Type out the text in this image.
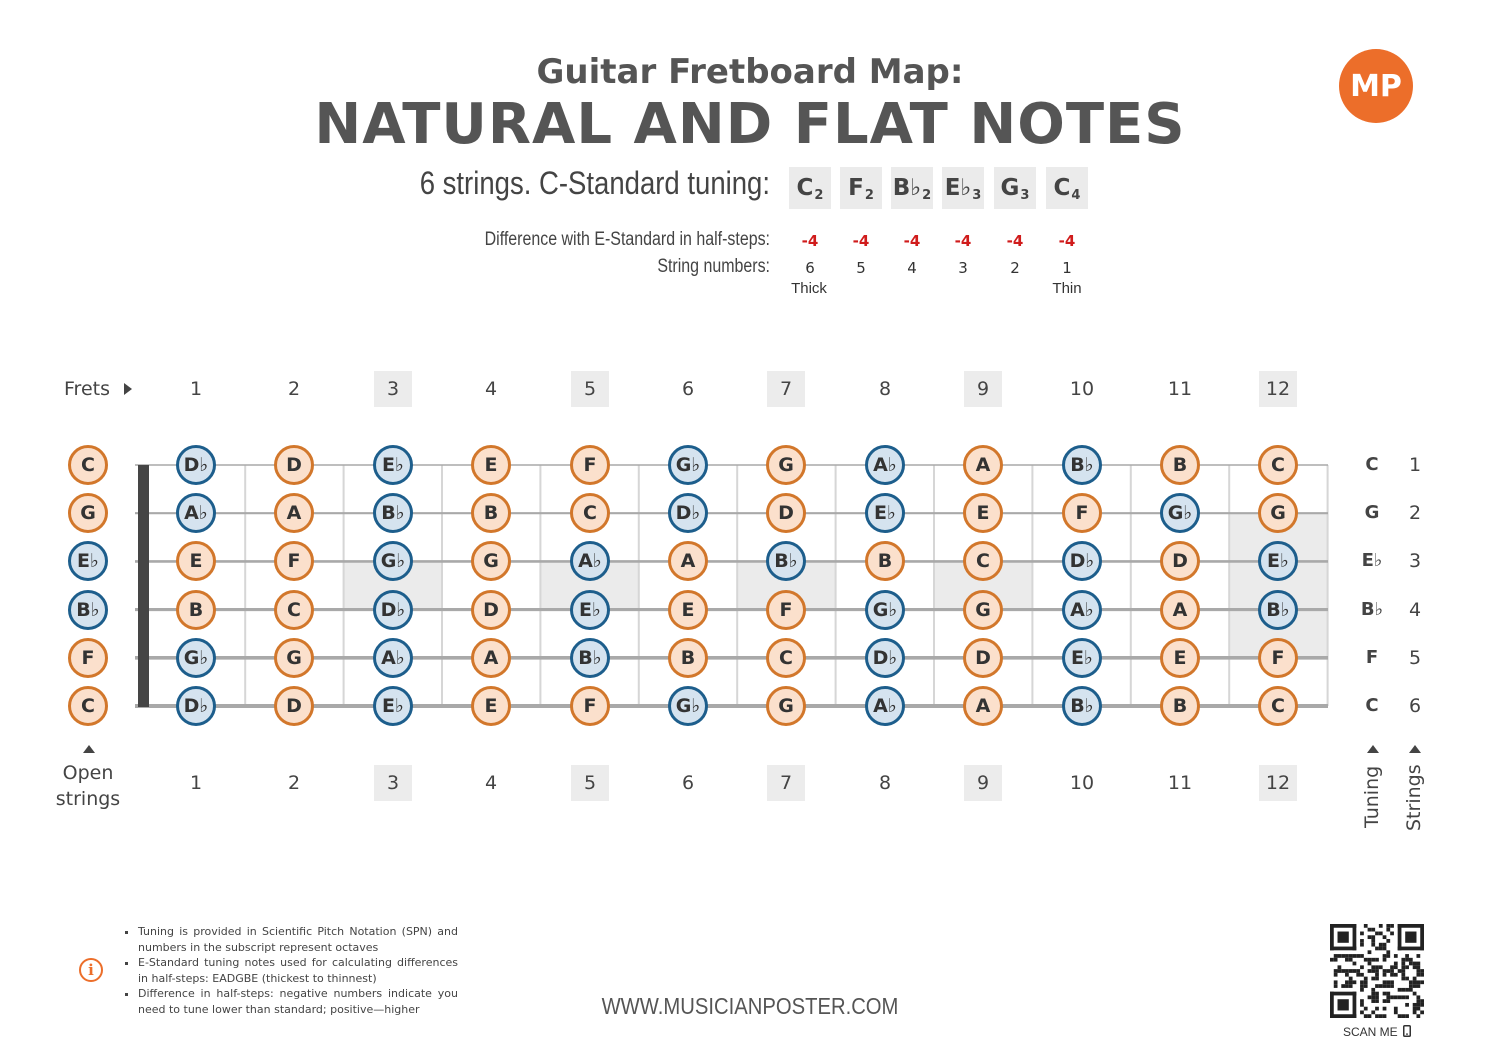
Guitar Fretboard Map:
NATURAL AND FLAT NOTES
MP
6 strings. C-Standard tuning: C 2 F 2 B♭ 2 E♭ 3 G 3 C 4
Difference with E-Standard in half-steps:
String numbers:
-4	-4	-4	-4	-4	-4
6	5	4	3	2	1
Thick	Thin
Frets	1	2	3	4	5	6	7	8	9	10	11	12
1	2	3	4	5	6	7	8	9	10	11	12
C
G
E♭
B♭
F
C
D♭	D	E♭	E	F	G♭	G	A♭	A	B♭	B	C
A♭	A	B♭	B	C	D♭	D	E♭	E	F	G♭	G
E	F	G♭	G	A♭	A	B♭	B	C	D♭	D	E♭
B	C	D♭	D	E♭	E	F	G♭	G	A♭	A	B♭
G♭	G	A♭	A	B♭	B	C	D♭	D	E♭	E	F
D♭	D	E♭	E	F	G♭	G	A♭	A	B♭	B	C
C	1
G	2
E♭ 3
B♭ 4
F	5
C	6
Open
strings	Tuning Strings
i
▪ Tuning is provided in Scientific Pitch Notation (SPN) and numbers in the subscript represent octaves
▪ E-Standard tuning notes used for calculating differences in half-steps: EADGBE (thickest to thinnest)
▪ Difference in half-steps: negative numbers indicate you need to tune lower than standard; positive—higher	WWW.MUSICIANPOSTER.COM
SCAN ME
